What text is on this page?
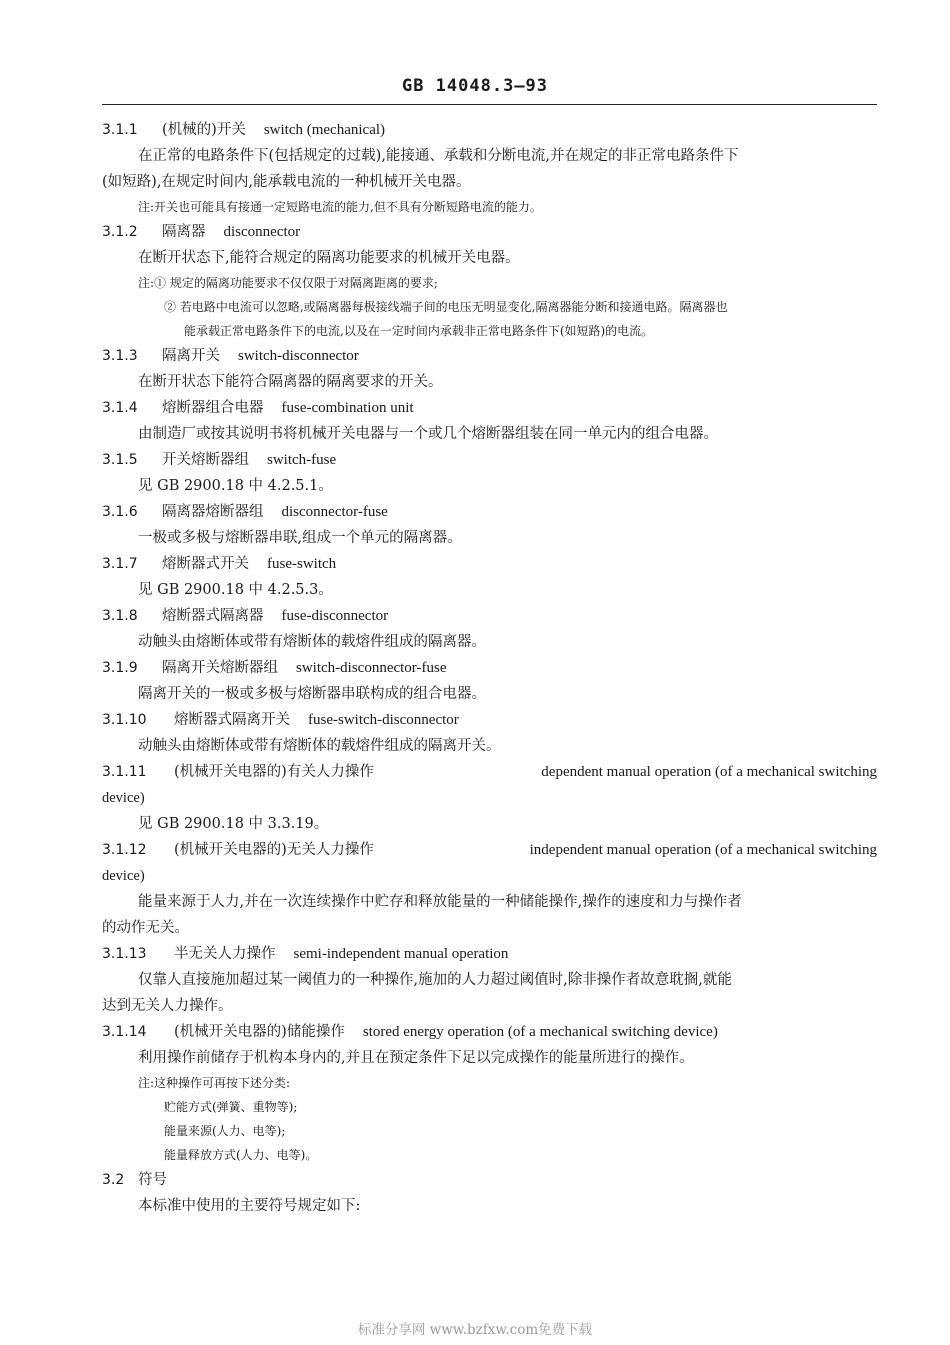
GB 14048.3—93
3.1.1 (机械的)开关 switch (mechanical)
在正常的电路条件下(包括规定的过载),能接通、承载和分断电流,并在规定的非正常电路条件下
(如短路),在规定时间内,能承载电流的一种机械开关电器。
注:开关也可能具有接通一定短路电流的能力,但不具有分断短路电流的能力。
3.1.2 隔离器 disconnector
在断开状态下,能符合规定的隔离功能要求的机械开关电器。
注:① 规定的隔离功能要求不仅仅限于对隔离距离的要求;
② 若电路中电流可以忽略,或隔离器每极接线端子间的电压无明显变化,隔离器能分断和接通电路。隔离器也
能承载正常电路条件下的电流,以及在一定时间内承载非正常电路条件下(如短路)的电流。
3.1.3 隔离开关 switch-disconnector
在断开状态下能符合隔离器的隔离要求的开关。
3.1.4 熔断器组合电器 fuse-combination unit
由制造厂或按其说明书将机械开关电器与一个或几个熔断器组装在同一单元内的组合电器。
3.1.5 开关熔断器组 switch-fuse
见 GB 2900.18 中 4.2.5.1。
3.1.6 隔离器熔断器组 disconnector-fuse
一极或多极与熔断器串联,组成一个单元的隔离器。
3.1.7 熔断器式开关 fuse-switch
见 GB 2900.18 中 4.2.5.3。
3.1.8 熔断器式隔离器 fuse-disconnector
动触头由熔断体或带有熔断体的载熔件组成的隔离器。
3.1.9 隔离开关熔断器组 switch-disconnector-fuse
隔离开关的一极或多极与熔断器串联构成的组合电器。
3.1.10 熔断器式隔离开关 fuse-switch-disconnector
动触头由熔断体或带有熔断体的载熔件组成的隔离开关。
3.1.11 (机械开关电器的)有关人力操作	dependent manual operation (of a mechanical switching
device)
见 GB 2900.18 中 3.3.19。
3.1.12 (机械开关电器的)无关人力操作	independent manual operation (of a mechanical switching
device)
能量来源于人力,并在一次连续操作中贮存和释放能量的一种储能操作,操作的速度和力与操作者
的动作无关。
3.1.13 半无关人力操作 semi-independent manual operation
仅靠人直接施加超过某一阈值力的一种操作,施加的人力超过阈值时,除非操作者故意耽搁,就能
达到无关人力操作。
3.1.14 (机械开关电器的)储能操作 stored energy operation (of a mechanical switching device)
利用操作前储存于机构本身内的,并且在预定条件下足以完成操作的能量所进行的操作。
注:这种操作可再按下述分类:
贮能方式(弹簧、重物等);
能量来源(人力、电等);
能量释放方式(人力、电等)。
3.2 符号
本标准中使用的主要符号规定如下:
标准分享网 www.bzfxw.com免费下载
